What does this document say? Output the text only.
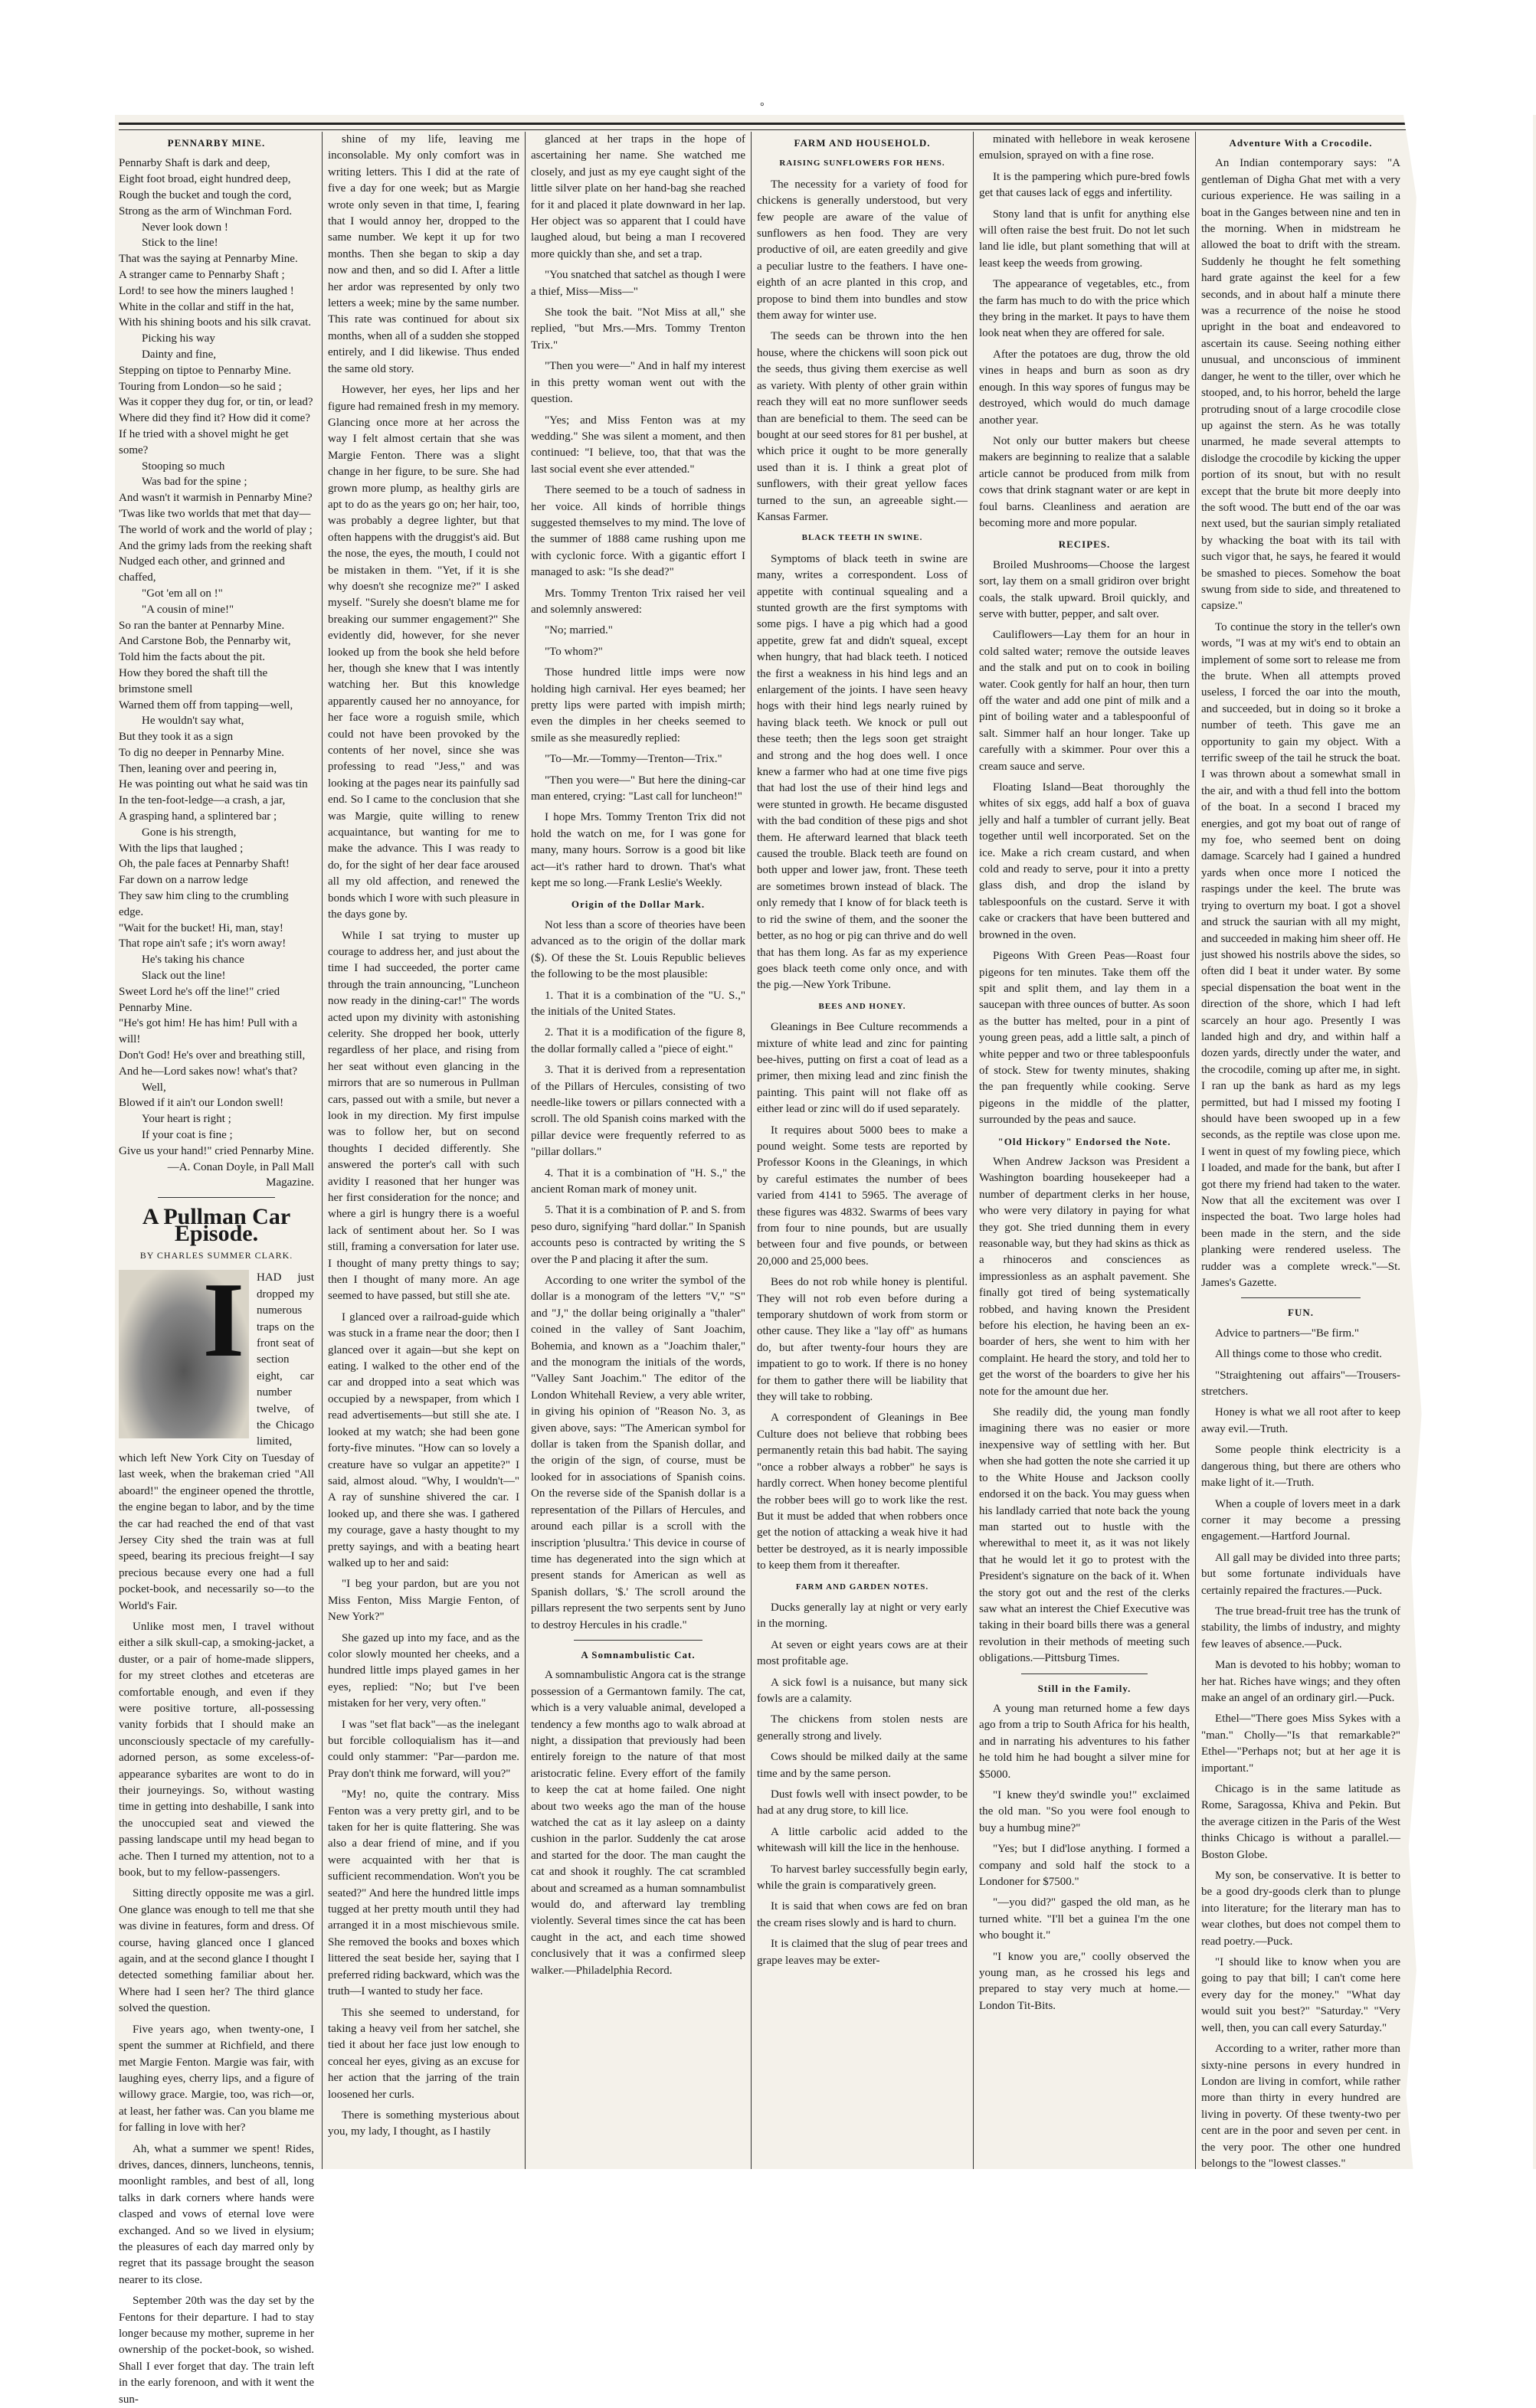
°
PENNARBY MINE.
Pennarby Shaft is dark and deep,
Eight foot broad, eight hundred deep,
Rough the bucket and tough the cord,
Strong as the arm of Winchman Ford.
Never look down !
Stick to the line!
That was the saying at Pennarby Mine.
A stranger came to Pennarby Shaft ;
Lord! to see how the miners laughed !
White in the collar and stiff in the hat,
With his shining boots and his silk cravat.
Picking his way
Dainty and fine,
Stepping on tiptoe to Pennarby Mine.
Touring from London—so he said ;
Was it copper they dug for, or tin, or lead?
Where did they find it? How did it come?
If he tried with a shovel might he get some?
Stooping so much
Was bad for the spine ;
And wasn't it warmish in Pennarby Mine?
'Twas like two worlds that met that day—
The world of work and the world of play ;
And the grimy lads from the reeking shaft
Nudged each other, and grinned and chaffed,
"Got 'em all on !"
"A cousin of mine!"
So ran the banter at Pennarby Mine.
And Carstone Bob, the Pennarby wit,
Told him the facts about the pit.
How they bored the shaft till the brimstone smell
Warned them off from tapping—well,
He wouldn't say what,
But they took it as a sign
To dig no deeper in Pennarby Mine.
Then, leaning over and peering in,
He was pointing out what he said was tin
In the ten-foot-ledge—a crash, a jar,
A grasping hand, a splintered bar ;
Gone is his strength,
With the lips that laughed ;
Oh, the pale faces at Pennarby Shaft!
Far down on a narrow ledge
They saw him cling to the crumbling edge.
"Wait for the bucket! Hi, man, stay!
That rope ain't safe ; it's worn away!
He's taking his chance
Slack out the line!
Sweet Lord he's off the line!" cried Pennarby Mine.
"He's got him! He has him! Pull with a will!
Don't God! He's over and breathing still,
And he—Lord sakes now! what's that?
Well,
Blowed if it ain't our London swell!
Your heart is right ;
If your coat is fine ;
Give us your hand!" cried Pennarby Mine.
—A. Conan Doyle, in Pall Mall Magazine.
A Pullman Car Episode.
BY CHARLES SUMMER CLARK.
I	HAD just dropped my numerous traps on the front seat of section eight, car number twelve, of the Chicago limited, which left New York City on Tuesday of last week, when the brakeman cried "All aboard!" the engineer opened the throttle, the engine began to labor, and by the time the car had reached the end of that vast Jersey City shed the train was at full speed, bearing its precious freight—I say precious because every one had a full pocket-book, and necessarily so—to the World's Fair.

Unlike most men, I travel without either a silk skull-cap, a smoking-jacket, a duster, or a pair of home-made slippers, for my street clothes and etceteras are comfortable enough, and even if they were positive torture, all-possessing vanity forbids that I should make an unconsciously spectacle of my carefully-adorned person, as some exceless-of-appearance sybarites are wont to do in their journeyings. So, without wasting time in getting into deshabille, I sank into the unoccupied seat and viewed the passing landscape until my head began to ache. Then I turned my attention, not to a book, but to my fellow-passengers.

Sitting directly opposite me was a girl. One glance was enough to tell me that she was divine in features, form and dress. Of course, having glanced once I glanced again, and at the second glance I thought I detected something familiar about her. Where had I seen her? The third glance solved the question.

Five years ago, when twenty-one, I spent the summer at Richfield, and there met Margie Fenton. Margie was fair, with laughing eyes, cherry lips, and a figure of willowy grace. Margie, too, was rich—or, at least, her father was. Can you blame me for falling in love with her?

Ah, what a summer we spent! Rides, drives, dances, dinners, luncheons, tennis, moonlight rambles, and best of all, long talks in dark corners where hands were clasped and vows of eternal love were exchanged. And so we lived in elysium; the pleasures of each day marred only by regret that its passage brought the season nearer to its close.

September 20th was the day set by the Fentons for their departure. I had to stay longer because my mother, supreme in her ownership of the pocket-book, so wished. Shall I ever forget that day. The train left in the early forenoon, and with it went the sun-

shine of my life, leaving me inconsolable. My only comfort was in writing letters. This I did at the rate of five a day for one week; but as Margie wrote only seven in that time, I, fearing that I would annoy her, dropped to the same number. We kept it up for two months. Then she began to skip a day now and then, and so did I. After a little her ardor was represented by only two letters a week; mine by the same number. This rate was continued for about six months, when all of a sudden she stopped entirely, and I did likewise. Thus ended the same old story.

However, her eyes, her lips and her figure had remained fresh in my memory. Glancing once more at her across the way I felt almost certain that she was Margie Fenton. There was a slight change in her figure, to be sure. She had grown more plump, as healthy girls are apt to do as the years go on; her hair, too, was probably a degree lighter, but that often happens with the druggist's aid. But the nose, the eyes, the mouth, I could not be mistaken in them. "Yet, if it is she why doesn't she recognize me?" I asked myself. "Surely she doesn't blame me for breaking our summer engagement?" She evidently did, however, for she never looked up from the book she held before her, though she knew that I was intently watching her. But this knowledge apparently caused her no annoyance, for her face wore a roguish smile, which could not have been provoked by the contents of her novel, since she was professing to read "Jess," and was looking at the pages near its painfully sad end. So I came to the conclusion that she was Margie, quite willing to renew acquaintance, but wanting for me to make the advance. This I was ready to do, for the sight of her dear face aroused all my old affection, and renewed the bonds which I wore with such pleasure in the days gone by.

While I sat trying to muster up courage to address her, and just about the time I had succeeded, the porter came through the train announcing, "Luncheon now ready in the dining-car!" The words acted upon my divinity with astonishing celerity. She dropped her book, utterly regardless of her place, and rising from her seat without even glancing in the mirrors that are so numerous in Pullman cars, passed out with a smile, but never a look in my direction. My first impulse was to follow her, but on second thoughts I decided differently. She answered the porter's call with such avidity I reasoned that her hunger was her first consideration for the nonce; and where a girl is hungry there is a woeful lack of sentiment about her. So I was still, framing a conversation for later use. I thought of many pretty things to say; then I thought of many more. An age seemed to have passed, but still she ate.

I glanced over a railroad-guide which was stuck in a frame near the door; then I glanced over it again—but she kept on eating. I walked to the other end of the car and dropped into a seat which was occupied by a newspaper, from which I read advertisements—but still she ate. I looked at my watch; she had been gone forty-five minutes. "How can so lovely a creature have so vulgar an appetite?" I said, almost aloud. "Why, I wouldn't—" A ray of sunshine shivered the car. I looked up, and there she was. I gathered my courage, gave a hasty thought to my pretty sayings, and with a beating heart walked up to her and said:

"I beg your pardon, but are you not Miss Fenton, Miss Margie Fenton, of New York?"

She gazed up into my face, and as the color slowly mounted her cheeks, and a hundred little imps played games in her eyes, replied: "No; but I've been mistaken for her very, very often."

I was "set flat back"—as the inelegant but forcible colloquialism has it—and could only stammer: "Par—pardon me. Pray don't think me forward, will you?"

"My! no, quite the contrary. Miss Fenton was a very pretty girl, and to be taken for her is quite flattering. She was also a dear friend of mine, and if you were acquainted with her that is sufficient recommendation. Won't you be seated?" And here the hundred little imps tugged at her pretty mouth until they had arranged it in a most mischievous smile. She removed the books and boxes which littered the seat beside her, saying that I preferred riding backward, which was the truth—I wanted to study her face.

This she seemed to understand, for taking a heavy veil from her satchel, she tied it about her face just low enough to conceal her eyes, giving as an excuse for her action that the jarring of the train loosened her curls.

There is something mysterious about you, my lady, I thought, as I hastily

glanced at her traps in the hope of ascertaining her name. She watched me closely, and just as my eye caught sight of the little silver plate on her hand-bag she reached for it and placed it plate downward in her lap. Her object was so apparent that I could have laughed aloud, but being a man I recovered more quickly than she, and set a trap.

"You snatched that satchel as though I were a thief, Miss—Miss—"

She took the bait. "Not Miss at all," she replied, "but Mrs.—Mrs. Tommy Trenton Trix."

"Then you were—" And in half my interest in this pretty woman went out with the question.

"Yes; and Miss Fenton was at my wedding." She was silent a moment, and then continued: "I believe, too, that that was the last social event she ever attended."

There seemed to be a touch of sadness in her voice. All kinds of horrible things suggested themselves to my mind. The love of the summer of 1888 came rushing upon me with cyclonic force. With a gigantic effort I managed to ask: "Is she dead?"

Mrs. Tommy Trenton Trix raised her veil and solemnly answered:

"No; married."

"To whom?"

Those hundred little imps were now holding high carnival. Her eyes beamed; her pretty lips were parted with impish mirth; even the dimples in her cheeks seemed to smile as she measuredly replied:

"To—Mr.—Tommy—Trenton—Trix."

"Then you were—" But here the dining-car man entered, crying: "Last call for luncheon!"

I hope Mrs. Tommy Trenton Trix did not hold the watch on me, for I was gone for many, many hours. Sorrow is a good bit like act—it's rather hard to drown. That's what kept me so long.—Frank Leslie's Weekly.

Origin of the Dollar Mark.

Not less than a score of theories have been advanced as to the origin of the dollar mark ($). Of these the St. Louis Republic believes the following to be the most plausible:

1. That it is a combination of the "U. S.," the initials of the United States.

2. That it is a modification of the figure 8, the dollar formally called a "piece of eight."

3. That it is derived from a representation of the Pillars of Hercules, consisting of two needle-like towers or pillars connected with a scroll. The old Spanish coins marked with the pillar device were frequently referred to as "pillar dollars."

4. That it is a combination of "H. S.," the ancient Roman mark of money unit.

5. That it is a combination of P. and S. from peso duro, signifying "hard dollar." In Spanish accounts peso is contracted by writing the S over the P and placing it after the sum.

According to one writer the symbol of the dollar is a monogram of the letters "V," "S" and "J," the dollar being originally a "thaler" coined in the valley of Sant Joachim, Bohemia, and known as a "Joachim thaler," and the monogram the initials of the words, "Valley Sant Joachim." The editor of the London Whitehall Review, a very able writer, in giving his opinion of "Reason No. 3, as given above, says: "The American symbol for dollar is taken from the Spanish dollar, and the origin of the sign, of course, must be looked for in associations of Spanish coins. On the reverse side of the Spanish dollar is a representation of the Pillars of Hercules, and around each pillar is a scroll with the inscription 'plusultra.' This device in course of time has degenerated into the sign which at present stands for American as well as Spanish dollars, '$.' The scroll around the pillars represent the two serpents sent by Juno to destroy Hercules in his cradle."

A Somnambulistic Cat.

A somnambulistic Angora cat is the strange possession of a Germantown family. The cat, which is a very valuable animal, developed a tendency a few months ago to walk abroad at night, a dissipation that previously had been entirely foreign to the nature of that most aristocratic feline. Every effort of the family to keep the cat at home failed. One night about two weeks ago the man of the house watched the cat as it lay asleep on a dainty cushion in the parlor. Suddenly the cat arose and started for the door. The man caught the cat and shook it roughly. The cat scrambled about and screamed as a human somnambulist would do, and afterward lay trembling violently. Several times since the cat has been caught in the act, and each time showed conclusively that it was a confirmed sleep walker.—Philadelphia Record.

FARM AND HOUSEHOLD.
RAISING SUNFLOWERS FOR HENS.

The necessity for a variety of food for chickens is generally understood, but very few people are aware of the value of sunflowers as hen food. They are very productive of oil, are eaten greedily and give a peculiar lustre to the feathers. I have one-eighth of an acre planted in this crop, and propose to bind them into bundles and stow them away for winter use.

The seeds can be thrown into the hen house, where the chickens will soon pick out the seeds, thus giving them exercise as well as variety. With plenty of other grain within reach they will eat no more sunflower seeds than are beneficial to them. The seed can be bought at our seed stores for 81 per bushel, at which price it ought to be more generally used than it is. I think a great plot of sunflowers, with their great yellow faces turned to the sun, an agreeable sight.—Kansas Farmer.

BLACK TEETH IN SWINE.

Symptoms of black teeth in swine are many, writes a correspondent. Loss of appetite with continual squealing and a stunted growth are the first symptoms with some pigs. I have a pig which had a good appetite, grew fat and didn't squeal, except when hungry, that had black teeth. I noticed the first a weakness in his hind legs and an enlargement of the joints. I have seen heavy hogs with their hind legs nearly ruined by having black teeth. We knock or pull out these teeth; then the legs soon get straight and strong and the hog does well. I once knew a farmer who had at one time five pigs that had lost the use of their hind legs and were stunted in growth. He became disgusted with the bad condition of these pigs and shot them. He afterward learned that black teeth caused the trouble. Black teeth are found on both upper and lower jaw, front. These teeth are sometimes brown instead of black. The only remedy that I know of for black teeth is to rid the swine of them, and the sooner the better, as no hog or pig can thrive and do well that has them long. As far as my experience goes black teeth come only once, and with the pig.—New York Tribune.

BEES AND HONEY.

Gleanings in Bee Culture recommends a mixture of white lead and zinc for painting bee-hives, putting on first a coat of lead as a primer, then mixing lead and zinc finish the painting. This paint will not flake off as either lead or zinc will do if used separately.

It requires about 5000 bees to make a pound weight. Some tests are reported by Professor Koons in the Gleanings, in which by careful estimates the number of bees varied from 4141 to 5965. The average of these figures was 4832. Swarms of bees vary from four to nine pounds, but are usually between four and five pounds, or between 20,000 and 25,000 bees.

Bees do not rob while honey is plentiful. They will not rob even before during a temporary shutdown of work from storm or other cause. They like a "lay off" as humans do, but after twenty-four hours they are impatient to go to work. If there is no honey for them to gather there will be liability that they will take to robbing.

A correspondent of Gleanings in Bee Culture does not believe that robbing bees permanently retain this bad habit. The saying "once a robber always a robber" he says is hardly correct. When honey become plentiful the robber bees will go to work like the rest. But it must be added that when robbers once get the notion of attacking a weak hive it had better be destroyed, as it is nearly impossible to keep them from it thereafter.

FARM AND GARDEN NOTES.

Ducks generally lay at night or very early in the morning.

At seven or eight years cows are at their most profitable age.

A sick fowl is a nuisance, but many sick fowls are a calamity.

The chickens from stolen nests are generally strong and lively.

Cows should be milked daily at the same time and by the same person.

Dust fowls well with insect powder, to be had at any drug store, to kill lice.

A little carbolic acid added to the whitewash will kill the lice in the henhouse.

To harvest barley successfully begin early, while the grain is comparatively green.

It is said that when cows are fed on bran the cream rises slowly and is hard to churn.

It is claimed that the slug of pear trees and grape leaves may be exter-

minated with hellebore in weak kerosene emulsion, sprayed on with a fine rose.

It is the pampering which pure-bred fowls get that causes lack of eggs and infertility.

Stony land that is unfit for anything else will often raise the best fruit. Do not let such land lie idle, but plant something that will at least keep the weeds from growing.

The appearance of vegetables, etc., from the farm has much to do with the price which they bring in the market. It pays to have them look neat when they are offered for sale.

After the potatoes are dug, throw the old vines in heaps and burn as soon as dry enough. In this way spores of fungus may be destroyed, which would do much damage another year.

Not only our butter makers but cheese makers are beginning to realize that a salable article cannot be produced from milk from cows that drink stagnant water or are kept in foul barns. Cleanliness and aeration are becoming more and more popular.

RECIPES.

Broiled Mushrooms—Choose the largest sort, lay them on a small gridiron over bright coals, the stalk upward. Broil quickly, and serve with butter, pepper, and salt over.

Cauliflowers—Lay them for an hour in cold salted water; remove the outside leaves and the stalk and put on to cook in boiling water. Cook gently for half an hour, then turn off the water and add one pint of milk and a pint of boiling water and a tablespoonful of salt. Simmer half an hour longer. Take up carefully with a skimmer. Pour over this a cream sauce and serve.

Floating Island—Beat thoroughly the whites of six eggs, add half a box of guava jelly and half a tumbler of currant jelly. Beat together until well incorporated. Set on the ice. Make a rich cream custard, and when cold and ready to serve, pour it into a pretty glass dish, and drop the island by tablespoonfuls on the custard. Serve it with cake or crackers that have been buttered and browned in the oven.

Pigeons With Green Peas—Roast four pigeons for ten minutes. Take them off the spit and split them, and lay them in a saucepan with three ounces of butter. As soon as the butter has melted, pour in a pint of young green peas, add a little salt, a pinch of white pepper and two or three tablespoonfuls of stock. Stew for twenty minutes, shaking the pan frequently while cooking. Serve pigeons in the middle of the platter, surrounded by the peas and sauce.

"Old Hickory" Endorsed the Note.

When Andrew Jackson was President a Washington boarding housekeeper had a number of department clerks in her house, who were very dilatory in paying for what they got. She tried dunning them in every reasonable way, but they had skins as thick as a rhinoceros and consciences as impressionless as an asphalt pavement. She finally got tired of being systematically robbed, and having known the President before his election, he having been an ex-boarder of hers, she went to him with her complaint. He heard the story, and told her to get the worst of the boarders to give her his note for the amount due her.

She readily did, the young man fondly imagining there was no easier or more inexpensive way of settling with her. But when she had gotten the note she carried it up to the White House and Jackson coolly endorsed it on the back. You may guess when his landlady carried that note back the young man started out to hustle with the wherewithal to meet it, as it was not likely that he would let it go to protest with the President's signature on the back of it. When the story got out and the rest of the clerks saw what an interest the Chief Executive was taking in their board bills there was a general revolution in their methods of meeting such obligations.—Pittsburg Times.

Still in the Family.

A young man returned home a few days ago from a trip to South Africa for his health, and in narrating his adventures to his father he told him he had bought a silver mine for $5000.

"I knew they'd swindle you!" exclaimed the old man. "So you were fool enough to buy a humbug mine?"

"Yes; but I did'lose anything. I formed a company and sold half the stock to a Londoner for $7500."

"—you did?" gasped the old man, as he turned white. "I'll bet a guinea I'm the one who bought it."

"I know you are," coolly observed the young man, as he crossed his legs and prepared to stay very much at home.—London Tit-Bits.

Adventure With a Crocodile.

An Indian contemporary says: "A gentleman of Digha Ghat met with a very curious experience. He was sailing in a boat in the Ganges between nine and ten in the morning. When in midstream he allowed the boat to drift with the stream. Suddenly he thought he felt something hard grate against the keel for a few seconds, and in about half a minute there was a recurrence of the noise he stood upright in the boat and endeavored to ascertain its cause. Seeing nothing either unusual, and unconscious of imminent danger, he went to the tiller, over which he stooped, and, to his horror, beheld the large protruding snout of a large crocodile close up against the stern. As he was totally unarmed, he made several attempts to dislodge the crocodile by kicking the upper portion of its snout, but with no result except that the brute bit more deeply into the soft wood. The butt end of the oar was next used, but the saurian simply retaliated by whacking the boat with its tail with such vigor that, he says, he feared it would be smashed to pieces. Somehow the boat swung from side to side, and threatened to capsize."

To continue the story in the teller's own words, "I was at my wit's end to obtain an implement of some sort to release me from the brute. When all attempts proved useless, I forced the oar into the mouth, and succeeded, but in doing so it broke a number of teeth. This gave me an opportunity to gain my object. With a terrific sweep of the tail he struck the boat. I was thrown about a somewhat small in the air, and with a thud fell into the bottom of the boat. In a second I braced my energies, and got my boat out of range of my foe, who seemed bent on doing damage. Scarcely had I gained a hundred yards when once more I noticed the raspings under the keel. The brute was trying to overturn my boat. I got a shovel and struck the saurian with all my might, and succeeded in making him sheer off. He just showed his nostrils above the sides, so often did I beat it under water. By some special dispensation the boat went in the direction of the shore, which I had left scarcely an hour ago. Presently I was landed high and dry, and within half a dozen yards, directly under the water, and the crocodile, coming up after me, in sight. I ran up the bank as hard as my legs permitted, but had I missed my footing I should have been swooped up in a few seconds, as the reptile was close upon me. I went in quest of my fowling piece, which I loaded, and made for the bank, but after I got there my friend had taken to the water. Now that all the excitement was over I inspected the boat. Two large holes had been made in the stern, and the side planking were rendered useless. The rudder was a complete wreck."—St. James's Gazette.

FUN.

Advice to partners—"Be firm."

All things come to those who credit.

"Straightening out affairs"—Trousers-stretchers.

Honey is what we all root after to keep away evil.—Truth.

Some people think electricity is a dangerous thing, but there are others who make light of it.—Truth.

When a couple of lovers meet in a dark corner it may become a pressing engagement.—Hartford Journal.

All gall may be divided into three parts; but some fortunate individuals have certainly repaired the fractures.—Puck.

The true bread-fruit tree has the trunk of stability, the limbs of industry, and mighty few leaves of absence.—Puck.

Man is devoted to his hobby; woman to her hat. Riches have wings; and they often make an angel of an ordinary girl.—Puck.

Ethel—"There goes Miss Sykes with a "man." Cholly—"Is that remarkable?" Ethel—"Perhaps not; but at her age it is important."

Chicago is in the same latitude as Rome, Saragossa, Khiva and Pekin. But the average citizen in the Paris of the West thinks Chicago is without a parallel.—Boston Globe.

My son, be conservative. It is better to be a good dry-goods clerk than to plunge into literature; for the literary man has to wear clothes, but does not compel them to read poetry.—Puck.

"I should like to know when you are going to pay that bill; I can't come here every day for the money." "What day would suit you best?" "Saturday." "Very well, then, you can call every Saturday."

According to a writer, rather more than sixty-nine persons in every hundred in London are living in comfort, while rather more than thirty in every hundred are living in poverty. Of these twenty-two per cent are in the poor and seven per cent. in the very poor. The other one hundred belongs to the "lowest classes."
